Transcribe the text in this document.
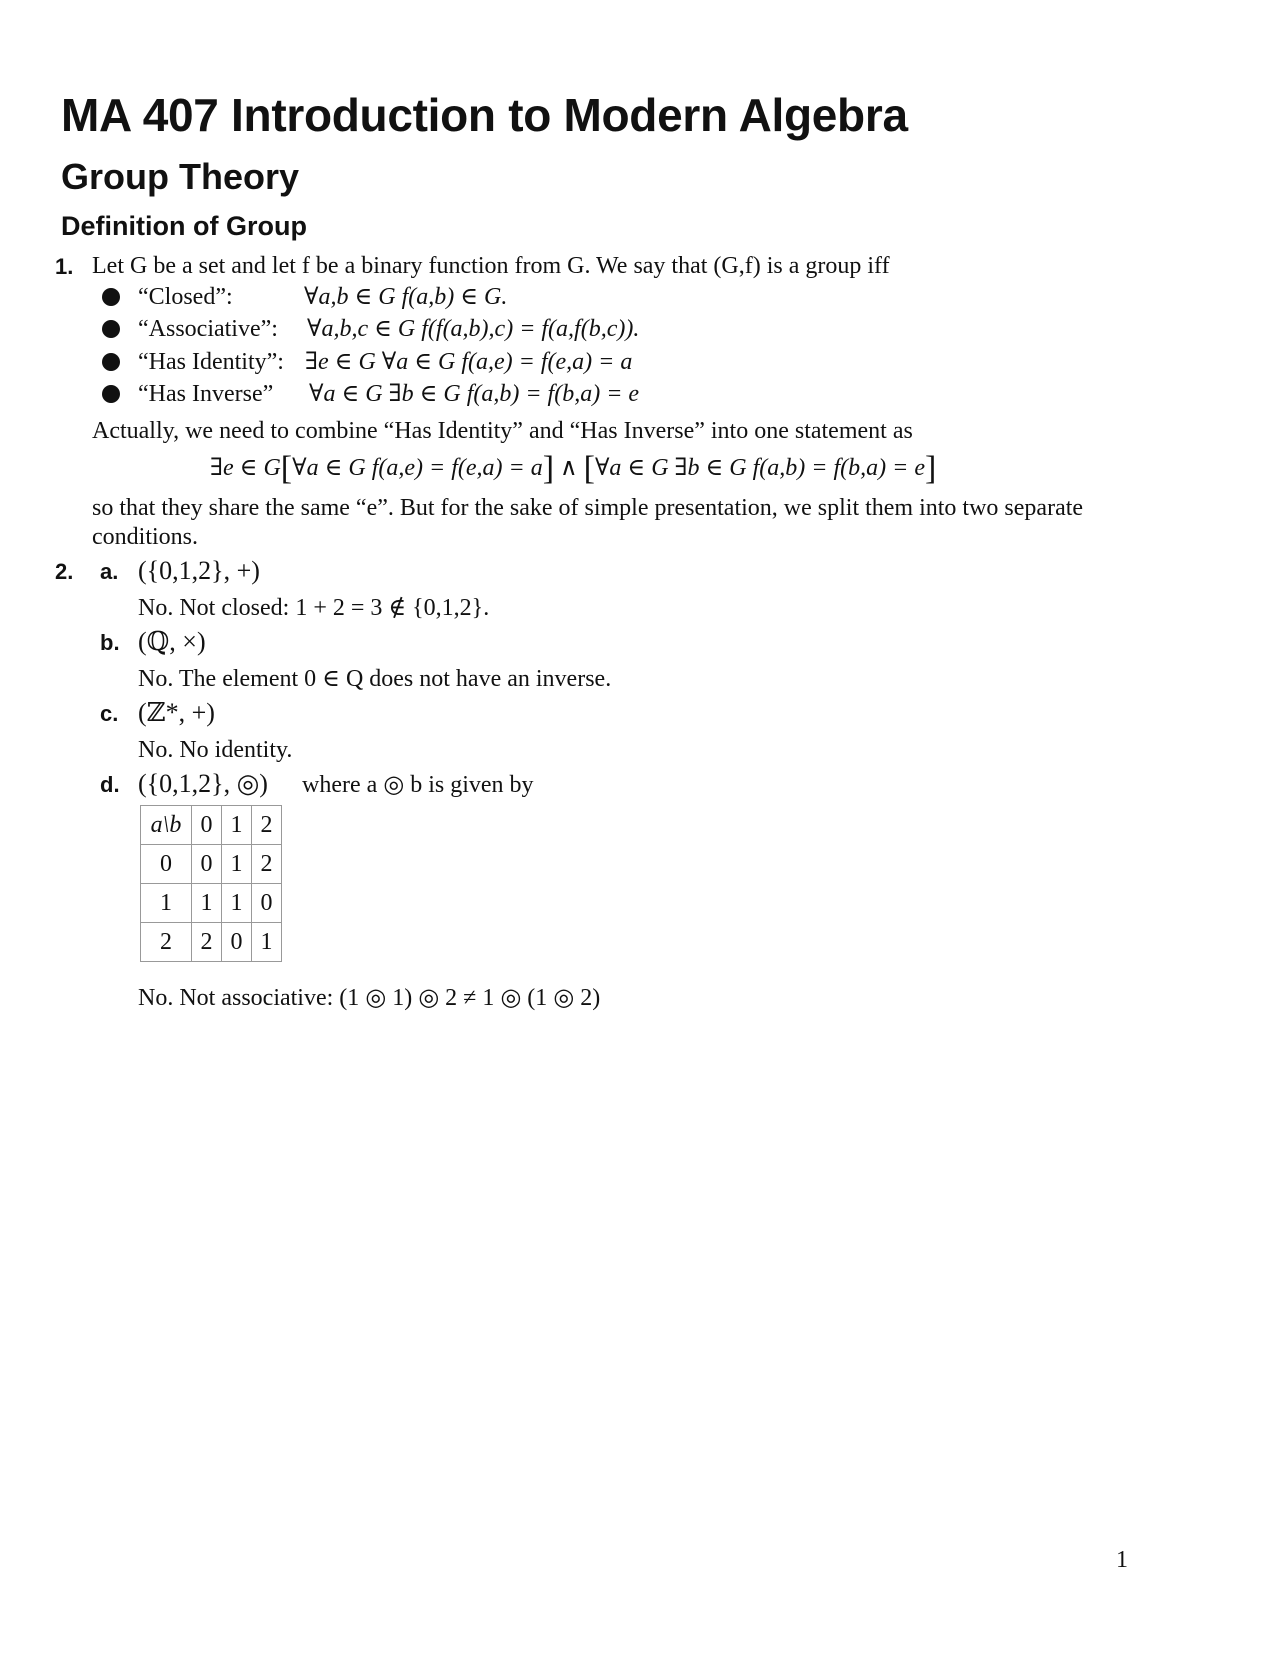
MA 407 Introduction to Modern Algebra
Group Theory
Definition of Group
1. Let G be a set and let f be a binary function from G. We say that (G,f) is a group iff
“Closed”:	∀a,b ∈ G f(a,b) ∈ G.
“Associative”: ∀a,b,c ∈ G f(f(a,b),c) = f(a,f(b,c)).
“Has Identity”: ∃e ∈ G ∀a ∈ G f(a,e) = f(e,a) = a
“Has Inverse” ∀a ∈ G ∃b ∈ G f(a,b) = f(b,a) = e
Actually, we need to combine “Has Identity” and “Has Inverse” into one statement as
∃e ∈ G[∀a ∈ G f(a,e) = f(e,a) = a] ∧ [∀a ∈ G ∃b ∈ G f(a,b) = f(b,a) = e]
so that they share the same “e”. But for the sake of simple presentation, we split them into two separate
conditions.
2. a. ({0,1,2}, +)
No. Not closed: 1 + 2 = 3 ∉ {0,1,2}.
b. (ℚ, ×)
No. The element 0 ∈ Q does not have an inverse.
c. (ℤ*, +)
No. No identity.
d. ({0,1,2}, ◎) where a ◎ b is given by
a\b	0	1	2
0	0	1	2
1	1	1	0
2	2	0	1
No. Not associative: (1 ◎ 1) ◎ 2 ≠ 1 ◎ (1 ◎ 2)
1
